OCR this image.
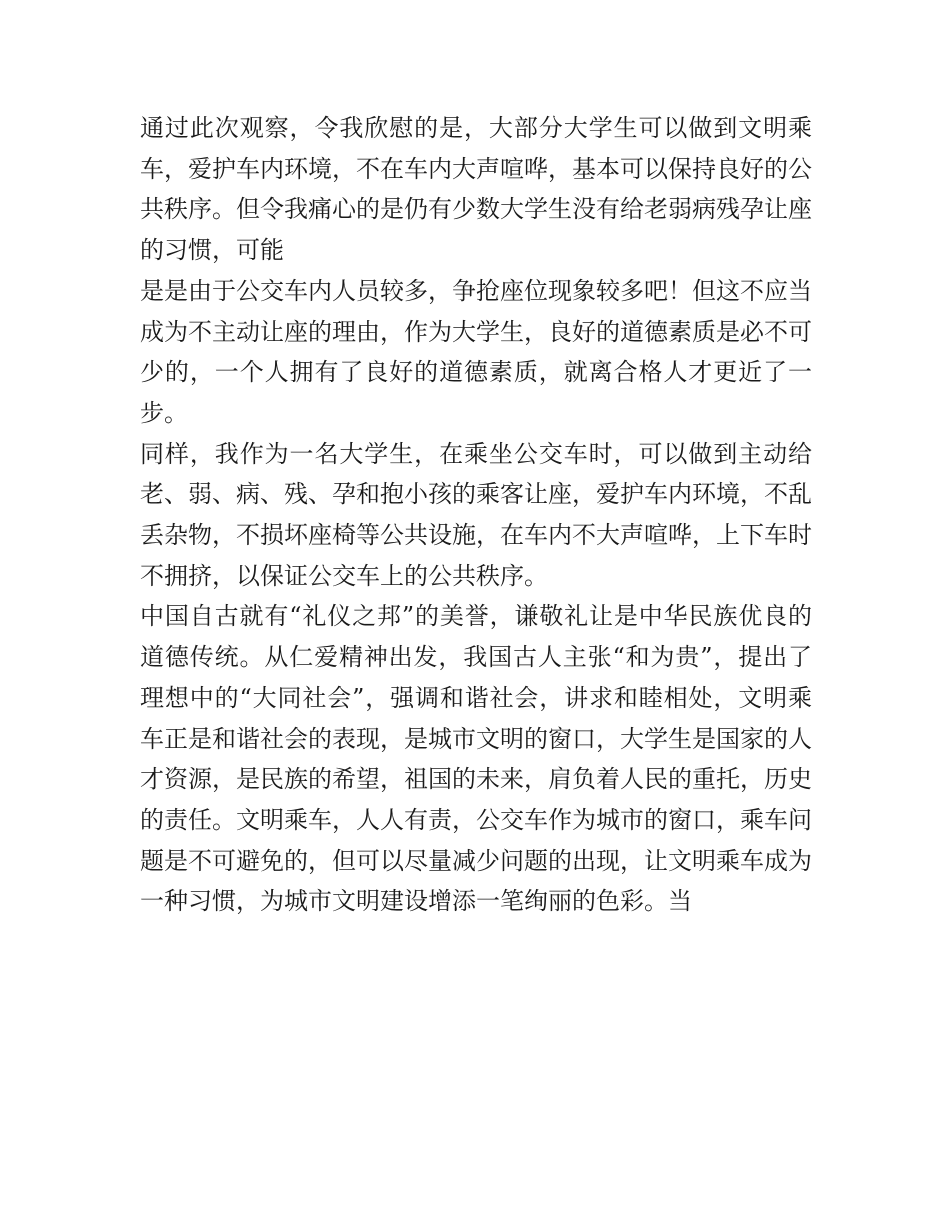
通过此次观察，令我欣慰的是，大部分大学生可以做到文明乘车，爱护车内环境，不在车内大声喧哗，基本可以保持良好的公共秩序。但令我痛心的是仍有少数大学生没有给老弱病残孕让座的习惯，可能

是是由于公交车内人员较多，争抢座位现象较多吧！但这不应当成为不主动让座的理由，作为大学生，良好的道德素质是必不可少的，一个人拥有了良好的道德素质，就离合格人才更近了一步。

同样，我作为一名大学生，在乘坐公交车时，可以做到主动给老、弱、病、残、孕和抱小孩的乘客让座，爱护车内环境，不乱丢杂物，不损坏座椅等公共设施，在车内不大声喧哗，上下车时不拥挤，以保证公交车上的公共秩序。

中国自古就有“礼仪之邦”的美誉，谦敬礼让是中华民族优良的道德传统。从仁爱精神出发，我国古人主张“和为贵”，提出了理想中的“大同社会”，强调和谐社会，讲求和睦相处，文明乘车正是和谐社会的表现，是城市文明的窗口，大学生是国家的人才资源，是民族的希望，祖国的未来，肩负着人民的重托，历史的责任。文明乘车，人人有责，公交车作为城市的窗口，乘车问题是不可避免的，但可以尽量减少问题的出现，让文明乘车成为一种习惯，为城市文明建设增添一笔绚丽的色彩。当
